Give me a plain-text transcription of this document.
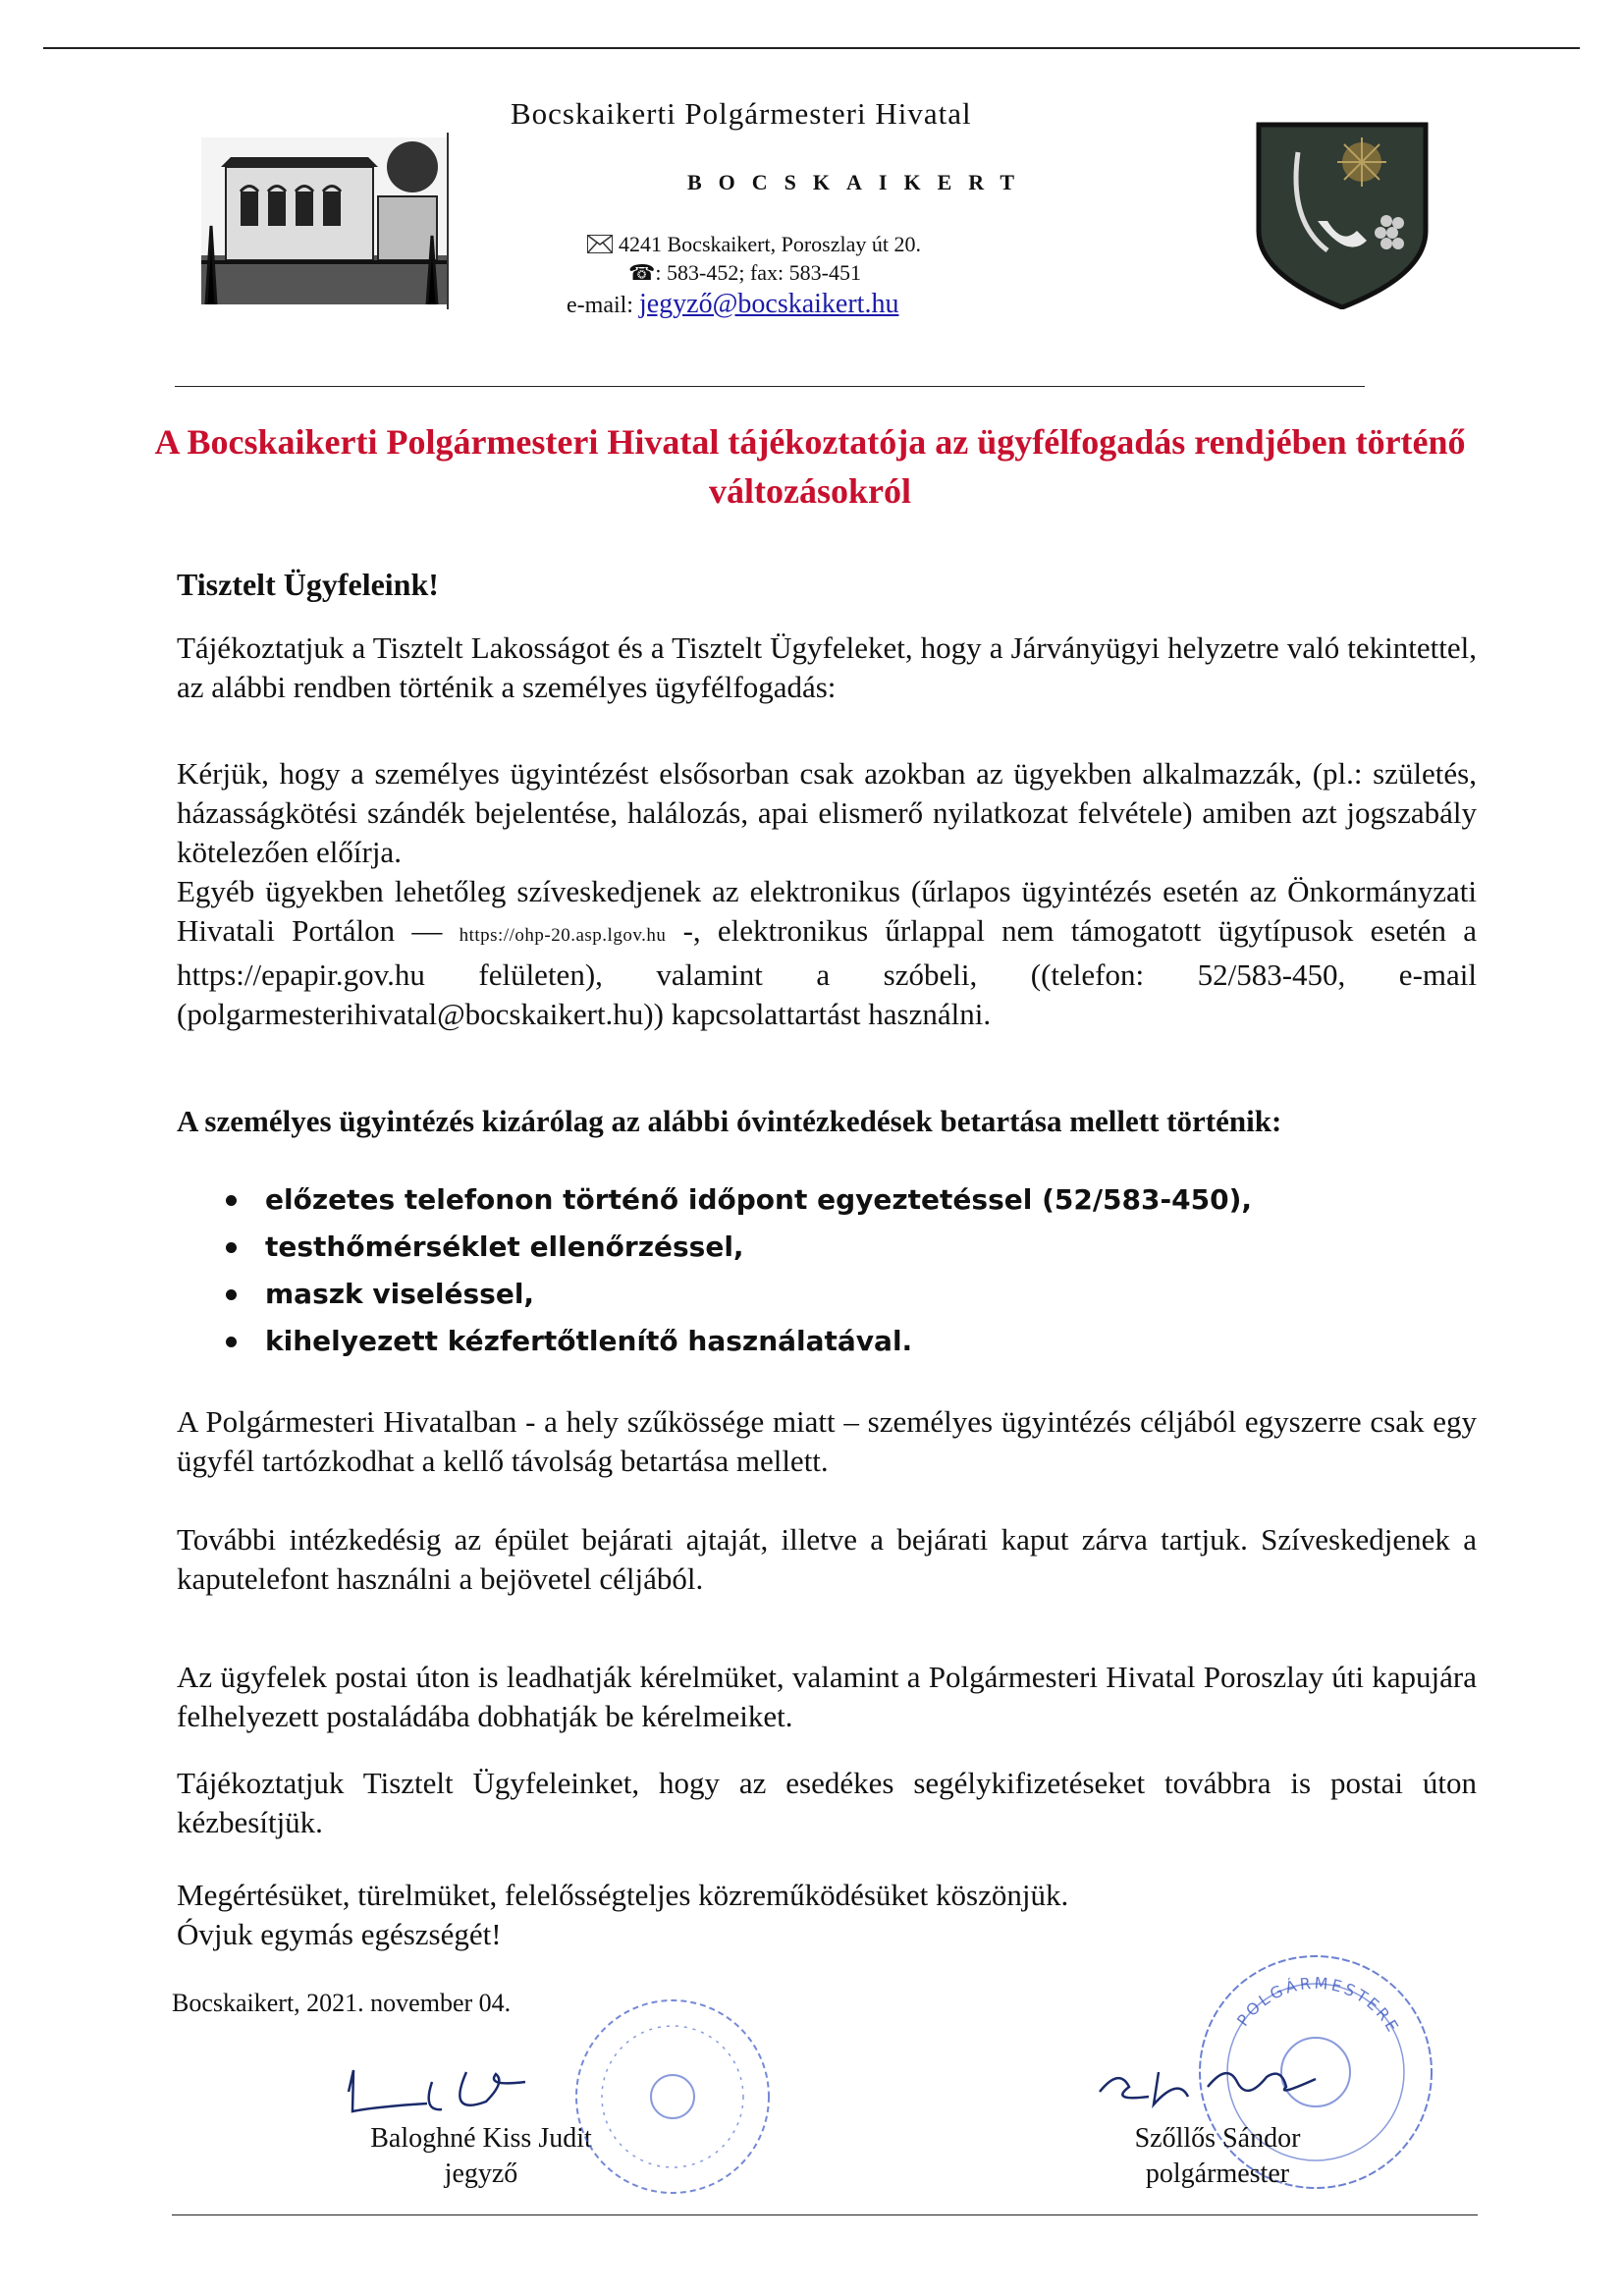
Bocskaikerti Polgármesteri Hivatal
BOCSKAIKERT
4241 Bocskaikert, Poroszlay út 20.
☎: 583-452; fax: 583-451
e-mail: jegyző@bocskaikert.hu
A Bocskaikerti Polgármesteri Hivatal tájékoztatója az ügyfélfogadás rendjében történő változásokról
Tisztelt Ügyfeleink!

Tájékoztatjuk a Tisztelt Lakosságot és a Tisztelt Ügyfeleket, hogy a Járványügyi helyzetre való tekintettel, az alábbi rendben történik a személyes ügyfélfogadás:

Kérjük, hogy a személyes ügyintézést elsősorban csak azokban az ügyekben alkalmazzák, (pl.: születés, házasságkötési szándék bejelentése, halálozás, apai elismerő nyilatkozat felvétele) amiben azt jogszabály kötelezően előírja.

Egyéb ügyekben lehetőleg szíveskedjenek az elektronikus (űrlapos ügyintézés esetén az Önkormányzati Hivatali Portálon — https://ohp-20.asp.lgov.hu -, elektronikus űrlappal nem támogatott ügytípusok esetén a https://epapir.gov.hu felületen), valamint a szóbeli, ((telefon: 52/583-450, e-mail (polgarmesterihivatal@bocskaikert.hu)) kapcsolattartást használni.

A személyes ügyintézés kizárólag az alábbi óvintézkedések betartása mellett történik:

előzetes telefonon történő időpont egyeztetéssel (52/583-450),
testhőmérséklet ellenőrzéssel,
maszk viseléssel,
kihelyezett kézfertőtlenítő használatával.

A Polgármesteri Hivatalban - a hely szűkössége miatt – személyes ügyintézés céljából egyszerre csak egy ügyfél tartózkodhat a kellő távolság betartása mellett.

További intézkedésig az épület bejárati ajtaját, illetve a bejárati kaput zárva tartjuk. Szíveskedjenek a kaputelefont használni a bejövetel céljából.

Az ügyfelek postai úton is leadhatják kérelmüket, valamint a Polgármesteri Hivatal Poroszlay úti kapujára felhelyezett postaládába dobhatják be kérelmeiket.

Tájékoztatjuk Tisztelt Ügyfeleinket, hogy az esedékes segélykifizetéseket továbbra is postai úton kézbesítjük.

Megértésüket, türelmüket, felelősségteljes közreműködésüket köszönjük.
Óvjuk egymás egészségét!
Bocskaikert, 2021. november 04.
Baloghné Kiss Judit
jegyző
POLGÁRMESTERE
Szőllős Sándor
polgármester
